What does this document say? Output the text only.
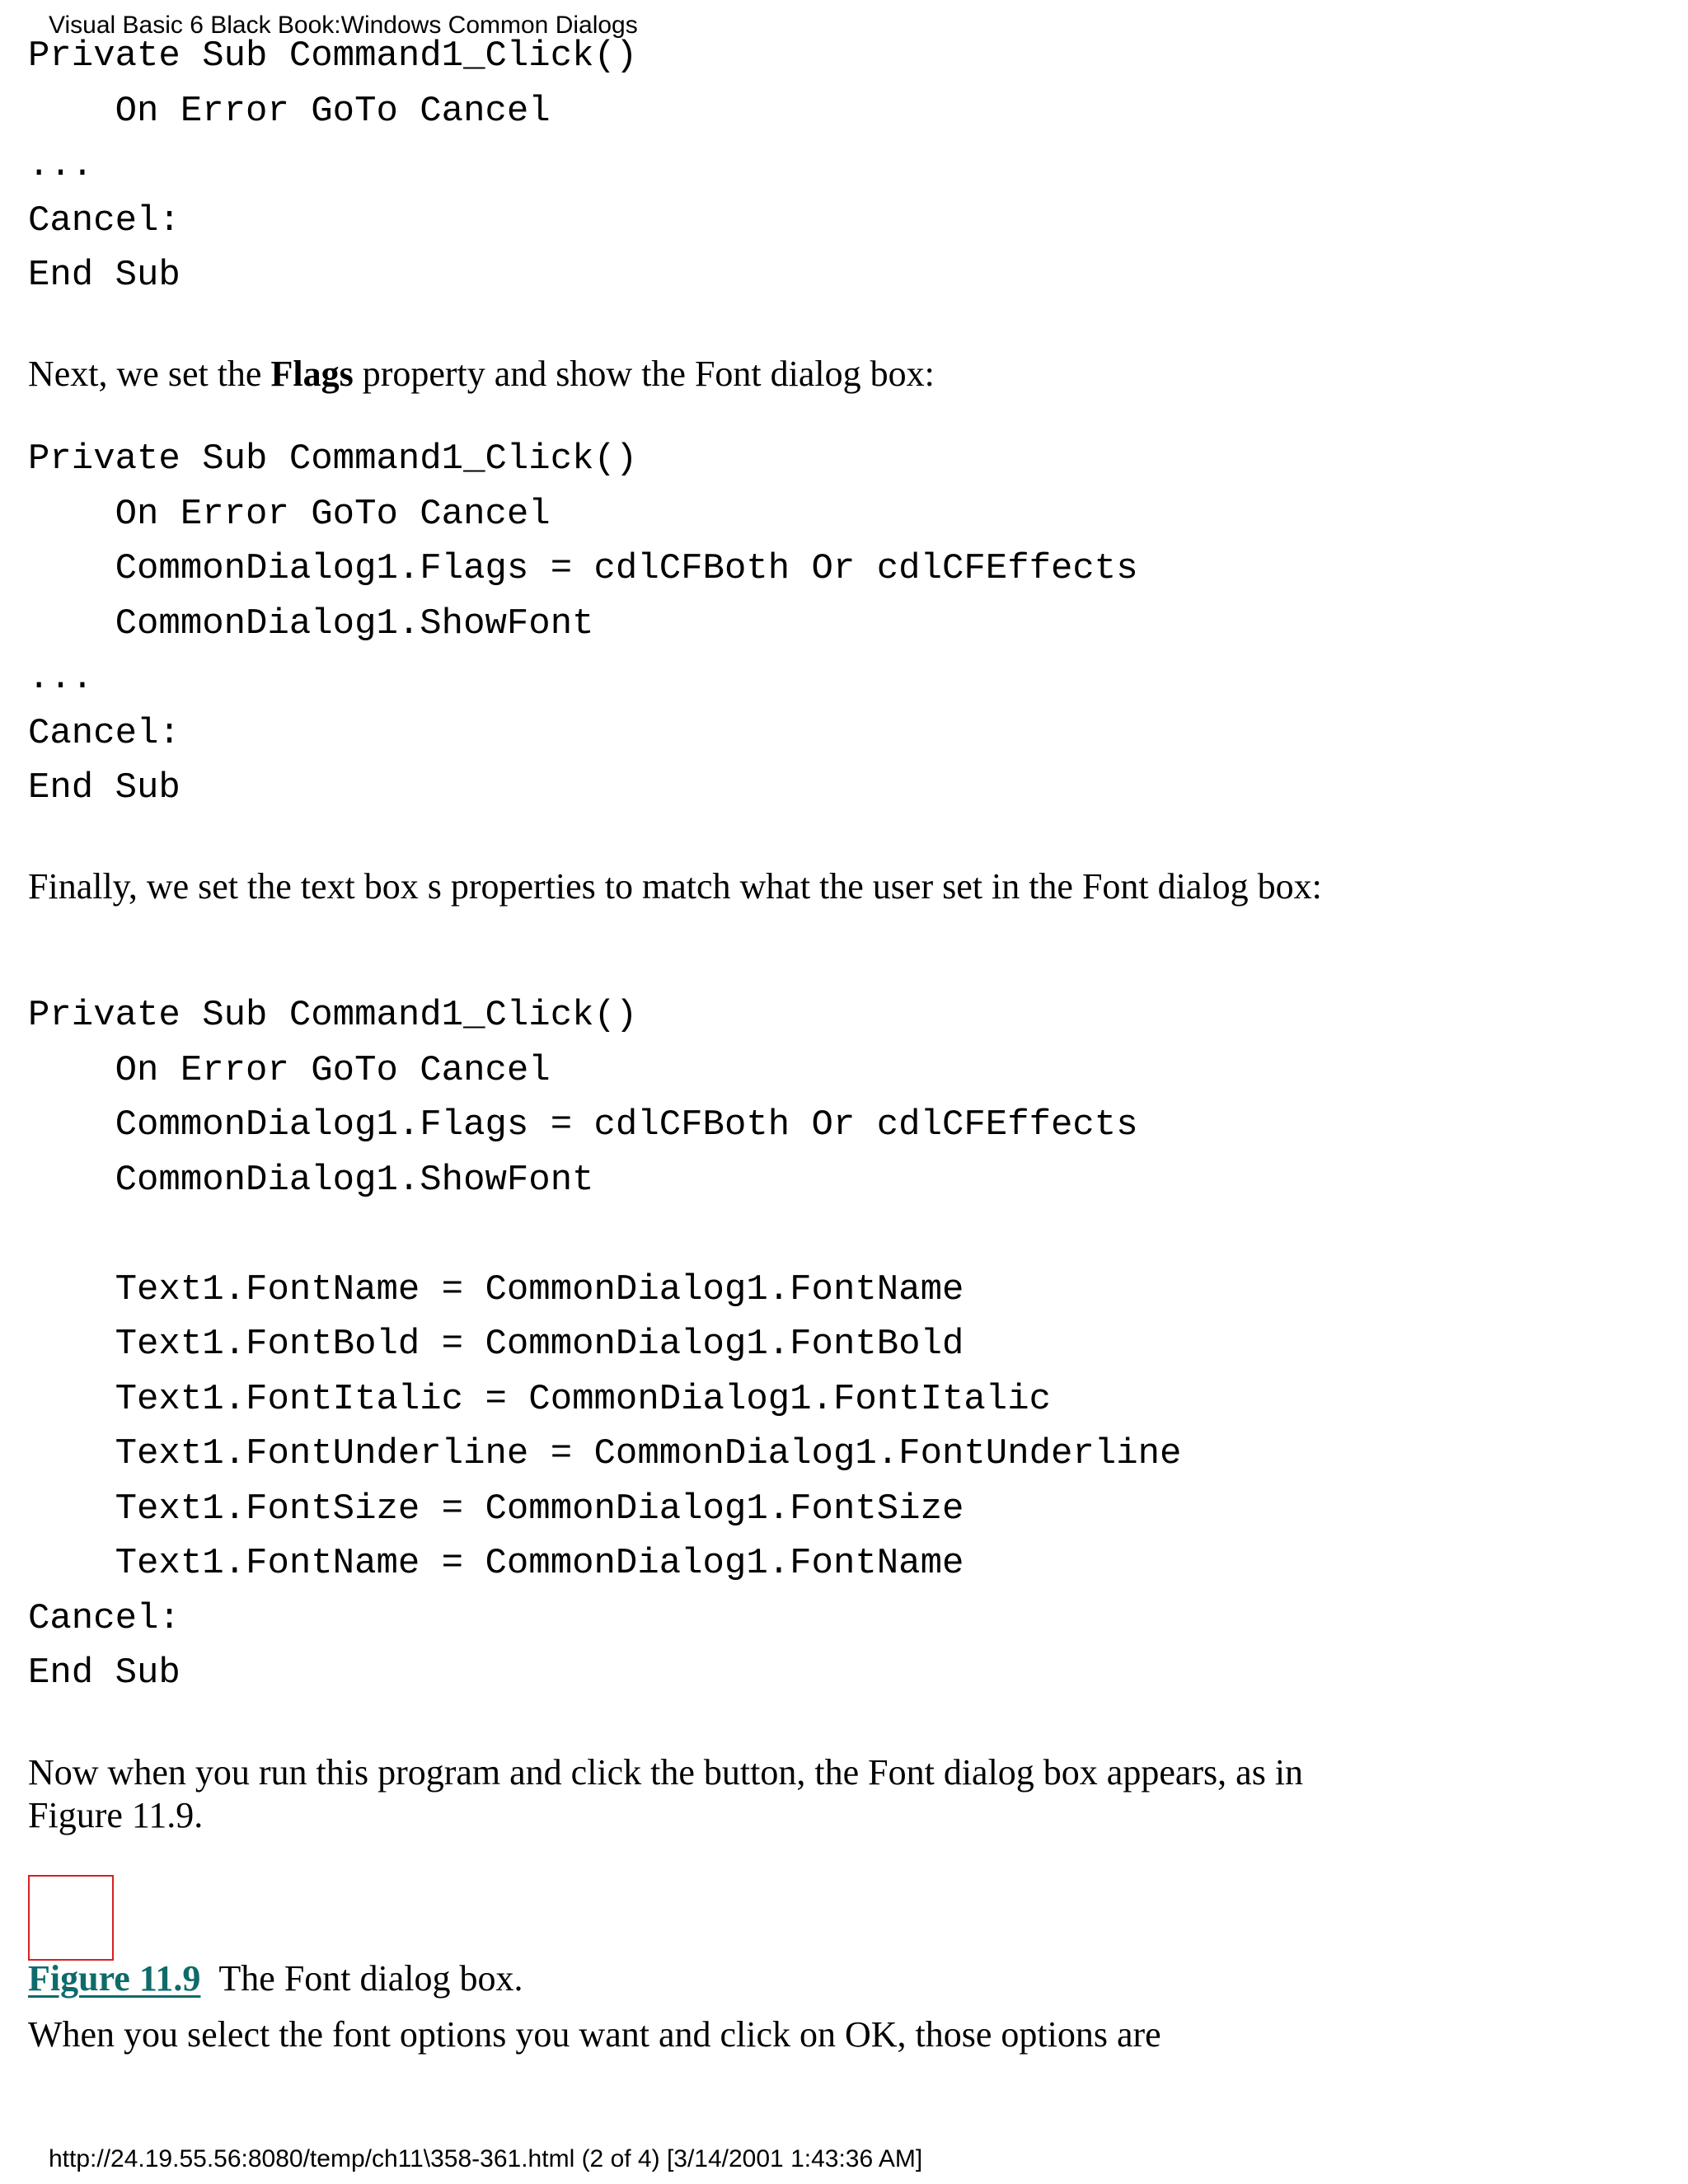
Visual Basic 6 Black Book:Windows Common Dialogs
Private Sub Command1_Click()
On Error GoTo Cancel
...
Cancel:
End Sub

Next, we set the Flags property and show the Font dialog box:

Private Sub Command1_Click()
On Error GoTo Cancel
CommonDialog1.Flags = cdlCFBoth Or cdlCFEffects
CommonDialog1.ShowFont
...
Cancel:
End Sub

Finally, we set the text box s properties to match what the user set in the Font dialog box:

Private Sub Command1_Click()
On Error GoTo Cancel
CommonDialog1.Flags = cdlCFBoth Or cdlCFEffects
CommonDialog1.ShowFont
Text1.FontName = CommonDialog1.FontName
Text1.FontBold = CommonDialog1.FontBold
Text1.FontItalic = CommonDialog1.FontItalic
Text1.FontUnderline = CommonDialog1.FontUnderline
Text1.FontSize = CommonDialog1.FontSize
Text1.FontName = CommonDialog1.FontName
Cancel:
End Sub

Now when you run this program and click the button, the Font dialog box appears, as in Figure 11.9.

Figure 11.9 The Font dialog box.

When you select the font options you want and click on OK, those options are

http://24.19.55.56:8080/temp/ch11\358-361.html (2 of 4) [3/14/2001 1:43:36 AM]
